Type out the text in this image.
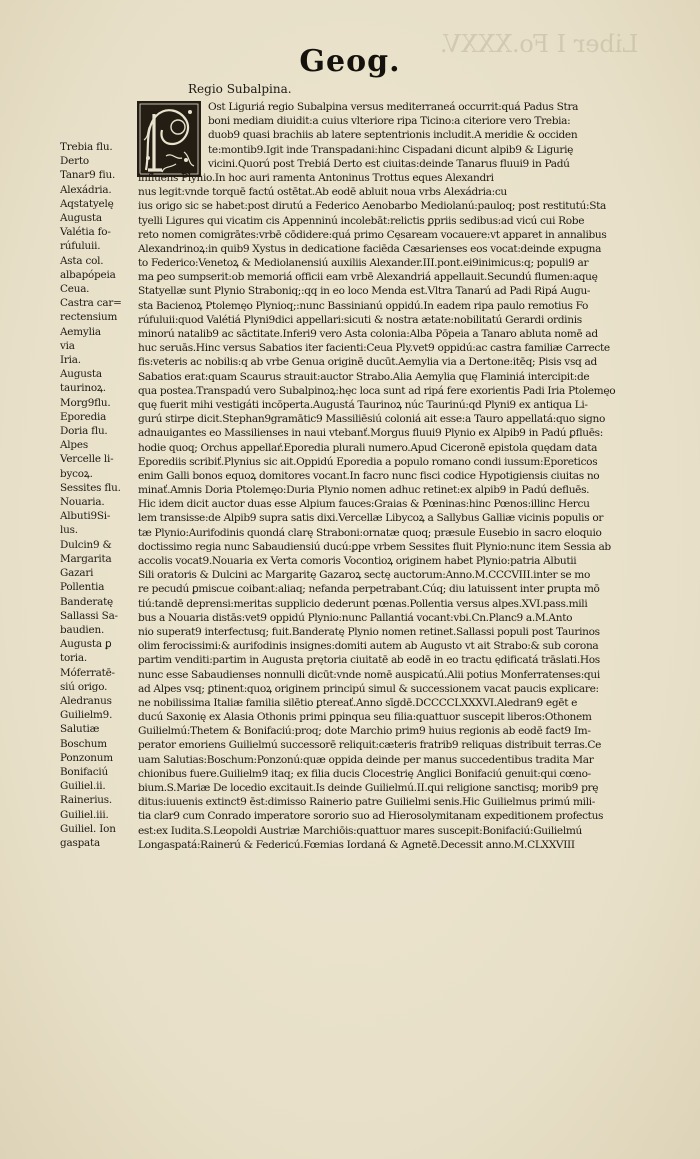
Liber I Fo.XXXV.
Geog.
Regio Subalpina.
Trebia flu.
Derto
Tanar9 fiu.
Alexádria.
Aqstatyelę
Augusta
Valétia fo-
rúfuluii.
Asta col.
albapópeia
Ceua.
Castra car=
rectensium
Aemylia
via
Iria.
Augusta
taurinoꝝ.
Morg9flu.
Eporedia
Doria flu.
Alpes
Vercelle li-
bycoꝝ.
Sessites flu.
Nouaria.
Albuti9Si-
lus.
Dulcin9 &
Margarita
Gazari
Pollentia
Banderatę
Sallassi Sa-
baudien.
Augusta ꝑ
toria.
Móferratē-
siú origo.
Aledranus
Guilielm9.
Salutiæ
Boschum
Ponzonum
Bonifaciú
Guiliel.ii.
Rainerius.
Guiliel.iii.
Guiliel. Ion
gaspata
Ost Liguriá regio Subalpina versus mediterraneá occurrit:quá Padus Stra
boni mediam diuidit:a cuius vlteriore ripa Ticino:a citeriore vero Trebia:
duob9 quasi brachiis ab latere septentrionis includit.A meridie & occiden
te:montib9.Igit inde Transpadani:hinc Cispadani dicunt alpib9 & Ligurię
vicini.Quorú post Trebiá Derto est ciuitas:deinde Tanarus fluui9 in Padú
influens Plynio.In hoc auri ramenta Antoninus Trottus eques Alexandri
nus legit:vnde torquē factú ostētat.Ab eodē abluit noua vrbs Alexádria:cu
ius origo sic se habet:post dirutú a Federico Aenobarbo Mediolanú:pauloq; post restitutú:Sta
tyelli Ligures qui vicatim cis Appenninú incolebāt:relictis ꝑpriis sedibus:ad vicú cui Robe
reto nomen comigrātes:vrbē cōdidere:quá primo Cęsaream vocauere:vt apparet in annalibus
Alexandrinoꝝ:in quib9 Xystus in dedicatione faciēda Cæsarienses eos vocat:deinde expugna
to Federico:Venetoꝝ & Mediolanensiú auxiliis Alexander.III.pont.ei9inimicus:q; populi9 ar
ma ꝑeo sumpserit:ob memoriá officii eam vrbē Alexandriá appellauit.Secundú flumen:aquę
Statyellæ sunt Plynio Straboniq;:qq in eo loco Menda est.Vltra Tanarú ad Padi Ripá Augu-
sta Bacienoꝝ Ptolemęo Plynioq;:nunc Bassinianú oppidú.In eadem ripa paulo remotius Fo
rúfuluii:quod Valétiá Plyni9dici appellari:sicuti & nostra ætate:nobilitatú Gerardi ordinis
minorú natalib9 ac sāctitate.Inferi9 vero Asta colonia:Alba Pōpeia a Tanaro abluta nomē ad
huc seruās.Hinc versus Sabatios iter facienti:Ceua Ply.vet9 oppidú:ac castra familiæ Carrecte
fis:veteris ac nobilis:q ab vrbe Genua originē ducūt.Aemylia via a Dertone:itēq; Pisis vsq ad
Sabatios erat:quam Scaurus strauit:auctor Strabo.Alia Aemylia quę Flaminiá intercipit:de
qua postea.Transpadú vero Subalpinoꝝ:hęc loca sunt ad ripá fere exorientis Padi Iria Ptolemęo
quę fuerit mihi vestigáti incōperta.Augustá Taurinoꝝ núc Taurinú:qd Plyni9 ex antiqua Li-
gurú stirpe dicit.Stephan9gramātic9 Massiliēsiú coloniá ait esse:a Tauro appellatá:quo signo
adnauigantes eo Massilienses in naui vtebanť.Morgus fluui9 Plynio ex Alpib9 in Padú ꝑfluēs:
hodie quoq; Orchus appellaŕ.Eporedia plurali numero.Apud Ciceronē epistola quędam data
Eporediis scribiť.Plynius sic ait.Oppidú Eporedia a populo romano condi iussum:Eporeticos
enim Galli bonos equoꝝ domitores vocant.In facro nunc fisci codice Hypotigiensis ciuitas no
minať.Amnis Doria Ptolemęo:Duria Plynio nomen adhuc retinet:ex alpib9 in Padú defluēs.
Hic idem dicit auctor duas esse Alpium fauces:Graias & Pœninas:hinc Pœnos:illinc Hercu
lem transisse:de Alpib9 supra satis dixi.Vercellæ Libycoꝝ a Sallybus Galliæ vicinis populis or
tæ Plynio:Aurifodinis quondá clarę Straboni:ornatæ quoq; præsule Eusebio in sacro eloquio
doctissimo regia nunc Sabaudiensiú ducú:ꝑpe vrbem Sessites fluit Plynio:nunc item Sessia ab
accolis vocat9.Nouaria ex Verta comoris Vocontioꝝ originem habet Plynio:patria Albutii
Sili oratoris & Dulcini ac Margaritę Gazaroꝝ sectę auctorum:Anno.M.CCCVIII.inter se mo
re pecudú ꝑmiscue coibant:aliaq; nefanda perpetrabant.Cúq; diu latuissent inter ꝑrupta mō
tiú:tandē deprensi:meritas supplicio dederunt pœnas.Pollentia versus alpes.XVI.pass.mili
bus a Nouaria distās:vet9 oppidú Plynio:nunc Pallantiá vocant:vbi.Cn.Planc9 a.M.Anto
nio superat9 interfectusq; fuit.Banderatę Plynio nomen retinet.Sallassi populi post Taurinos
olim ferocissimi:& aurifodinis insignes:domiti autem ab Augusto vt ait Strabo:& sub corona
partim venditi:partim in Augusta prętoria ciuitatē ab eodē in eo tractu ędificatá trāslati.Hos
nunc esse Sabaudienses nonnulli dicūt:vnde nomē auspicatú.Alii potius Monferratenses:qui
ad Alpes vsq; ꝑtinent:quoꝝ originem principú simul & successionem vacat paucis explicare:
ne nobilissima Italiæ familia silētio ꝑtereať.Anno sīgdē.DCCCCLXXXVI.Aledran9 egēt e
ducú Saxonię ex Alasia Othonis primi ꝑpinqua seu filia:quattuor suscepit liberos:Othonem
Guilielmú:Thetem & Bonifaciú:proq; dote Marchio prim9 huius regionis ab eodē fact9 Im-
perator emoriens Guilielmú successorē reliquit:cæteris fratrib9 reliquas distribuit terras.Ce
uam Salutias:Boschum:Ponzonú:quæ oppida deinde per manus succedentibus tradita Mar
chionibus fuere.Guilielm9 itaq; ex filia ducis Clocestrię Anglici Bonifaciú genuit:qui cœno-
bium.S.Mariæ De locedio excitauit.Is deinde Guilielmú.II.qui religione sanctisq; morib9 prę
ditus:iuuenis extinct9 ēst:dimisso Rainerio patre Guilielmi senis.Hic Guilielmus primú mili-
tia clar9 cum Conrado imperatore sororio suo ad Hierosolymitanam expeditionem profectus
est:ex Iudita.S.Leopoldi Austriæ Marchiōis:quattuor mares suscepit:Bonifaciú:Guilielmú
Longaspatá:Rainerú & Federicú.Fœmias Iordaná & Agnetē.Decessit anno.M.CLXXVIII
